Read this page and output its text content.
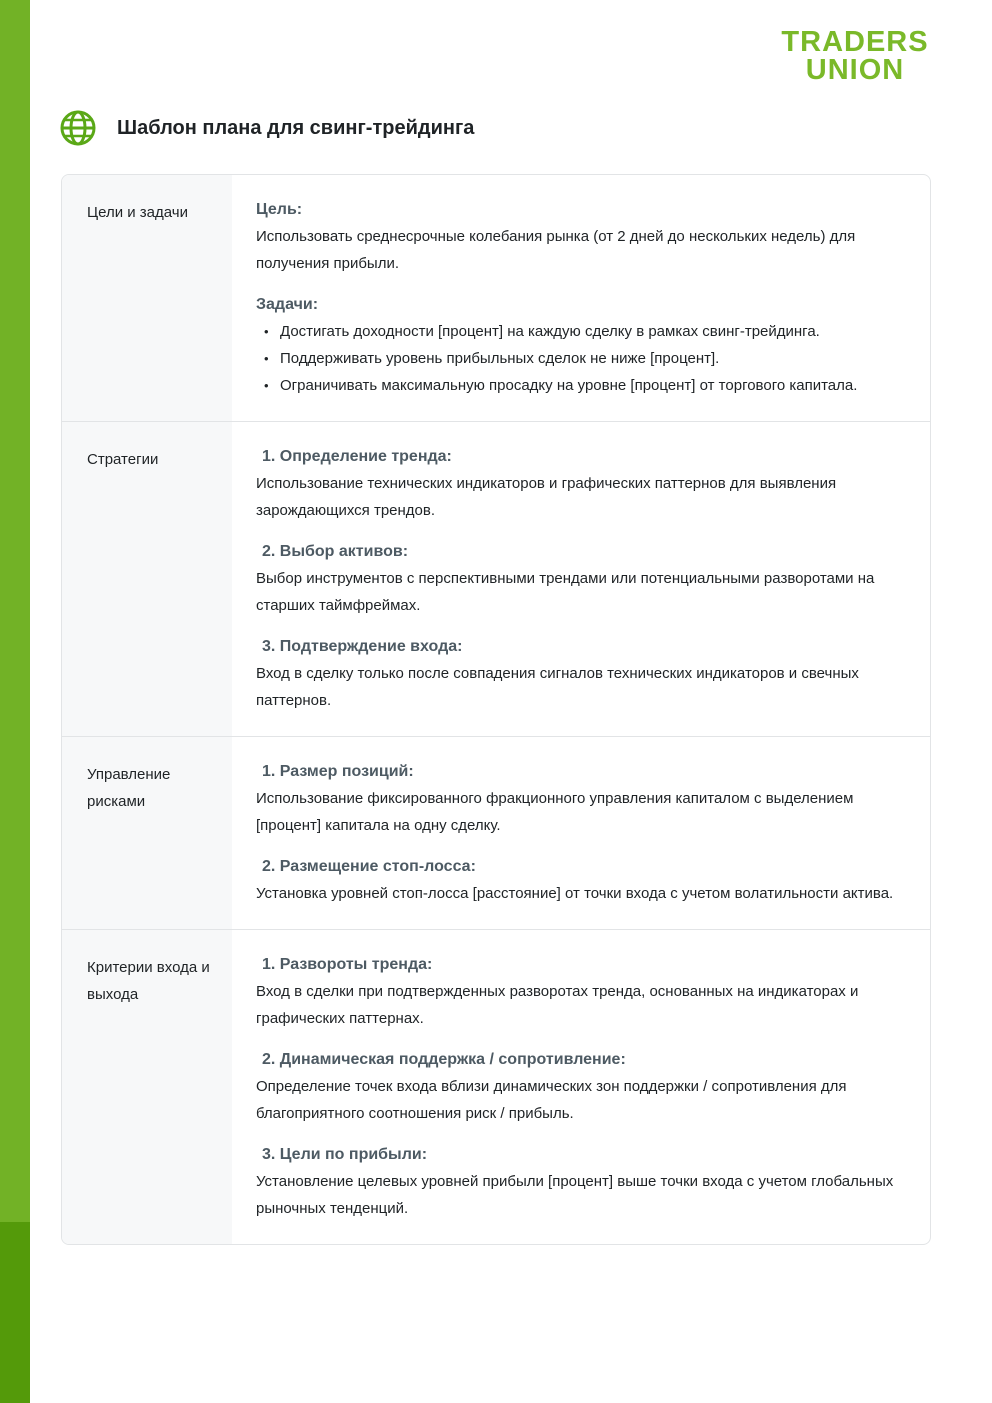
TRADERS
UNION
Шаблон плана для свинг-трейдинга
Цели и задачи	Цель:
Использовать среднесрочные колебания рынка (от 2 дней до нескольких недель) для получения прибыли.
Задачи:
• Достигать доходности [процент] на каждую сделку в рамках свинг-трейдинга.
• Поддерживать уровень прибыльных сделок не ниже [процент].
• Ограничивать максимальную просадку на уровне [процент] от торгового капитала.
Стратегии	1. Определение тренда:
Использование технических индикаторов и графических паттернов для выявления зарождающихся трендов.
2. Выбор активов:
Выбор инструментов с перспективными трендами или потенциальными разворотами на старших таймфреймах.
3. Подтверждение входа:
Вход в сделку только после совпадения сигналов технических индикаторов и свечных паттернов.
Управление рисками
1. Размер позиций:
Использование фиксированного фракционного управления капиталом с выделением [процент] капитала на одну сделку.
2. Размещение стоп-лосса:
Установка уровней стоп-лосса [расстояние] от точки входа с учетом волатильности актива.
Критерии входа и выхода
1. Развороты тренда:
Вход в сделки при подтвержденных разворотах тренда, основанных на индикаторах и графических паттернах.
2. Динамическая поддержка / сопротивление:
Определение точек входа вблизи динамических зон поддержки / сопротивления для благоприятного соотношения риск / прибыль.
3. Цели по прибыли:
Установление целевых уровней прибыли [процент] выше точки входа с учетом глобальных рыночных тенденций.
